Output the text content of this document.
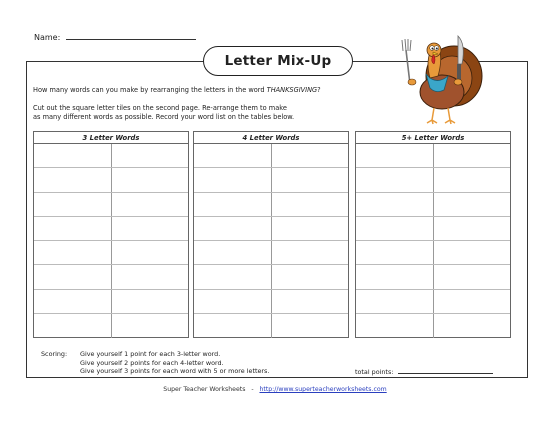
Name:
Letter Mix-Up
How many words can you make by rearranging the letters in the word THANKSGIVING?
Cut out the square letter tiles on the second page. Re-arrange them to make
as many different words as possible. Record your word list on the tables below.
3 Letter Words	4 Letter Words	5+ Letter Words
Scoring:	Give yourself 1 point for each 3-letter word.
Give yourself 2 points for each 4-letter word.
Give yourself 3 points for each word with 5 or more letters.	total points:
Super Teacher Worksheets - http://www.superteacherworksheets.com
